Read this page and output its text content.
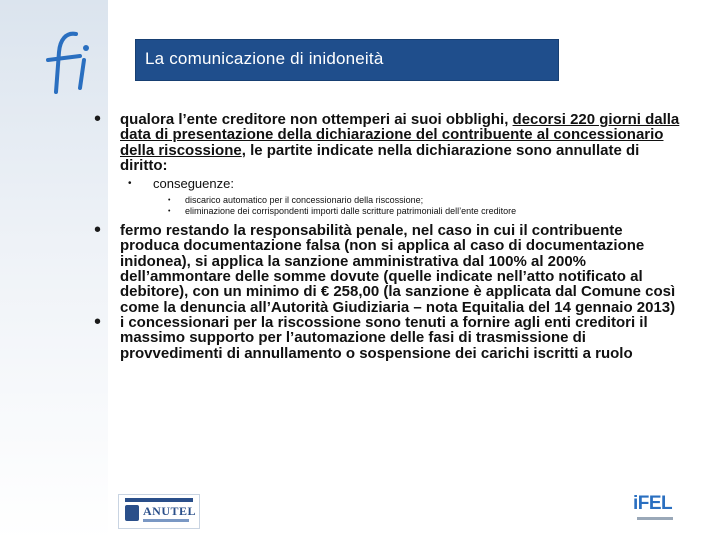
La comunicazione di inidoneità
• qualora l’ente creditore non ottemperi ai suoi obblighi, decorsi 220 giorni dalla data di presentazione della dichiarazione del contribuente al concessionario della riscossione, le partite indicate nella dichiarazione sono annullate di diritto:
• conseguenze:
• discarico automatico per il concessionario della riscossione;
• eliminazione dei corrispondenti importi dalle scritture patrimoniali dell’ente creditore
• fermo restando la responsabilità penale, nel caso in cui il contribuente produca documentazione falsa (non si applica al caso di documentazione inidonea), si applica la sanzione amministrativa dal 100% al 200% dell’ammontare delle somme dovute (quelle indicate nell’atto notificato al debitore), con un minimo di € 258,00 (la sanzione è applicata dal Comune così come la denuncia all’Autorità Giudiziaria – nota Equitalia del 14 gennaio 2013)
• i concessionari per la riscossione sono tenuti a fornire agli enti creditori il massimo supporto per l’automazione delle fasi di trasmissione di provvedimenti di annullamento o sospensione dei carichi iscritti a ruolo
ANUTEL	iFEL
